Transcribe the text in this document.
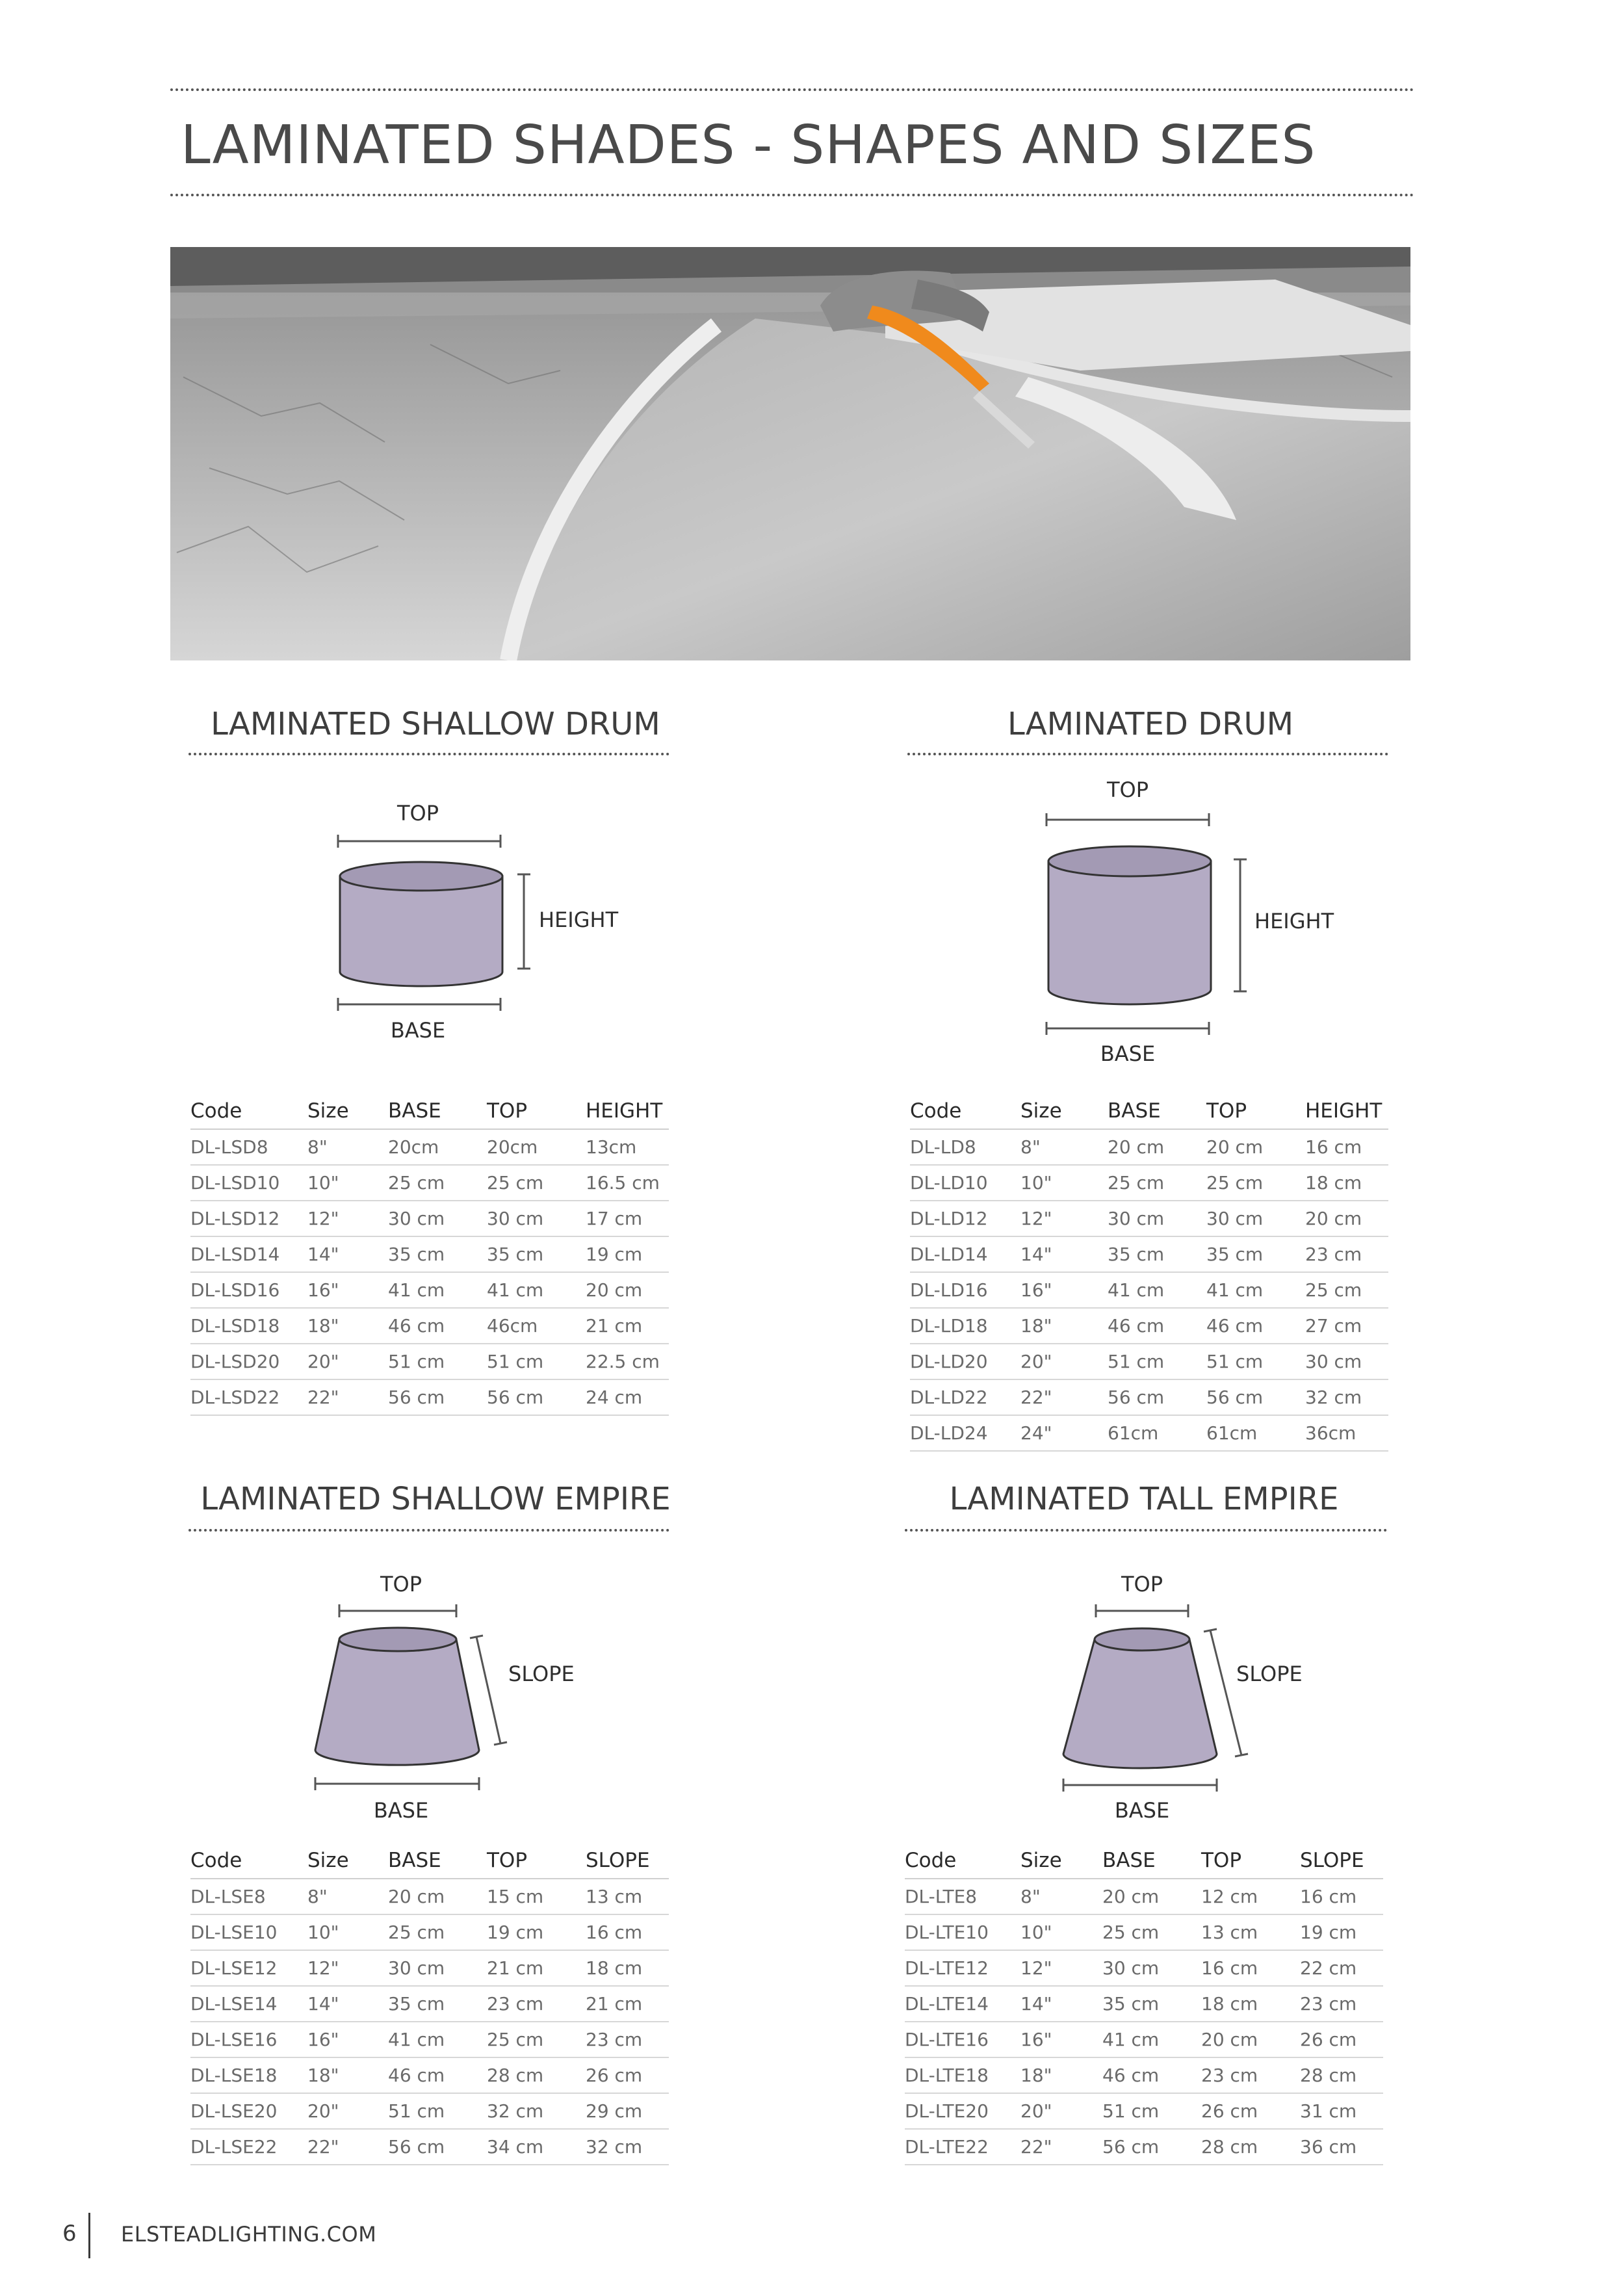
LAMINATED SHADES - SHAPES AND SIZES
LAMINATED SHALLOW DRUM
TOP
HEIGHT
BASE
Code	Size	BASE	TOP	HEIGHT
DL-LSD8	8"	20cm	20cm	13cm
DL-LSD10	10"	25 cm	25 cm	16.5 cm
DL-LSD12	12"	30 cm	30 cm	17 cm
DL-LSD14	14"	35 cm	35 cm	19 cm
DL-LSD16	16"	41 cm	41 cm	20 cm
DL-LSD18	18"	46 cm	46cm	21 cm
DL-LSD20	20"	51 cm	51 cm	22.5 cm
DL-LSD22	22"	56 cm	56 cm	24 cm
LAMINATED DRUM
TOP
HEIGHT
BASE
Code	Size	BASE	TOP	HEIGHT
DL-LD8	8"	20 cm	20 cm	16 cm
DL-LD10	10"	25 cm	25 cm	18 cm
DL-LD12	12"	30 cm	30 cm	20 cm
DL-LD14	14"	35 cm	35 cm	23 cm
DL-LD16	16"	41 cm	41 cm	25 cm
DL-LD18	18"	46 cm	46 cm	27 cm
DL-LD20	20"	51 cm	51 cm	30 cm
DL-LD22	22"	56 cm	56 cm	32 cm
DL-LD24	24"	61cm	61cm	36cm
LAMINATED SHALLOW EMPIRE
TOP
SLOPE
BASE
Code	Size	BASE	TOP	SLOPE
DL-LSE8	8"	20 cm	15 cm	13 cm
DL-LSE10	10"	25 cm	19 cm	16 cm
DL-LSE12	12"	30 cm	21 cm	18 cm
DL-LSE14	14"	35 cm	23 cm	21 cm
DL-LSE16	16"	41 cm	25 cm	23 cm
DL-LSE18	18"	46 cm	28 cm	26 cm
DL-LSE20	20"	51 cm	32 cm	29 cm
DL-LSE22	22"	56 cm	34 cm	32 cm
LAMINATED TALL EMPIRE
TOP
SLOPE
BASE
Code	Size	BASE	TOP	SLOPE
DL-LTE8	8"	20 cm	12 cm	16 cm
DL-LTE10	10"	25 cm	13 cm	19 cm
DL-LTE12	12"	30 cm	16 cm	22 cm
DL-LTE14	14"	35 cm	18 cm	23 cm
DL-LTE16	16"	41 cm	20 cm	26 cm
DL-LTE18	18"	46 cm	23 cm	28 cm
DL-LTE20	20"	51 cm	26 cm	31 cm
DL-LTE22	22"	56 cm	28 cm	36 cm
6 ELSTEADLIGHTING.COM
